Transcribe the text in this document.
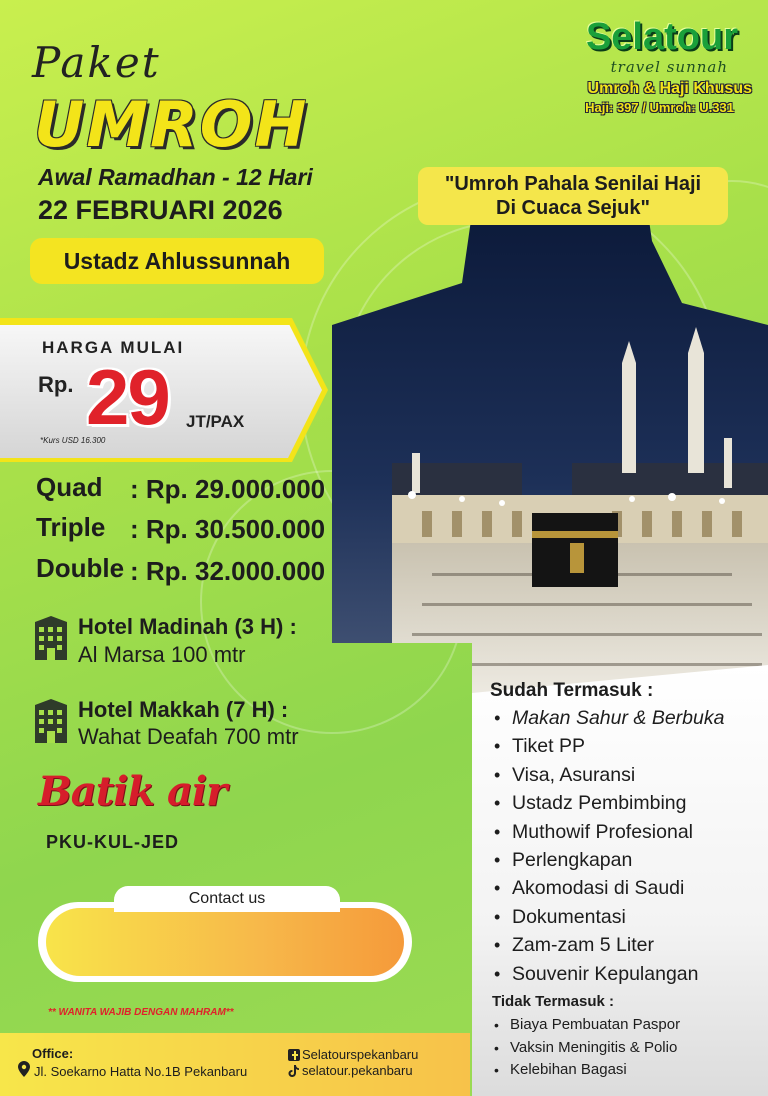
Paket
UMROH
Awal Ramadhan - 12 Hari
22 FEBRUARI 2026
Ustadz Ahlussunnah
Selatour
travel sunnah
Umroh & Haji Khusus
Haji: 397 / Umroh: U.331
"Umroh Pahala Senilai Haji
Di Cuaca Sejuk"
HARGA MULAI
Rp. 29 JT/PAX
*Kurs USD 16.300
Quad : Rp. 29.000.000
Triple : Rp. 30.500.000
Double : Rp. 32.000.000
Hotel Madinah (3 H) :
Al Marsa 100 mtr
Hotel Makkah (7 H) :
Wahat Deafah 700 mtr
Batik air
PKU-KUL-JED
Contact us
** WANITA WAJIB DENGAN MAHRAM**
Office:
Jl. Soekarno Hatta No.1B Pekanbaru
Selatourspekanbaru
selatour.pekanbaru
Sudah Termasuk :
• Makan Sahur & Berbuka
• Tiket PP
• Visa, Asuransi
• Ustadz Pembimbing
• Muthowif Profesional
• Perlengkapan
• Akomodasi di Saudi
• Dokumentasi
• Zam-zam 5 Liter
• Souvenir Kepulangan
Tidak Termasuk :
• Biaya Pembuatan Paspor
• Vaksin Meningitis & Polio
• Kelebihan Bagasi
